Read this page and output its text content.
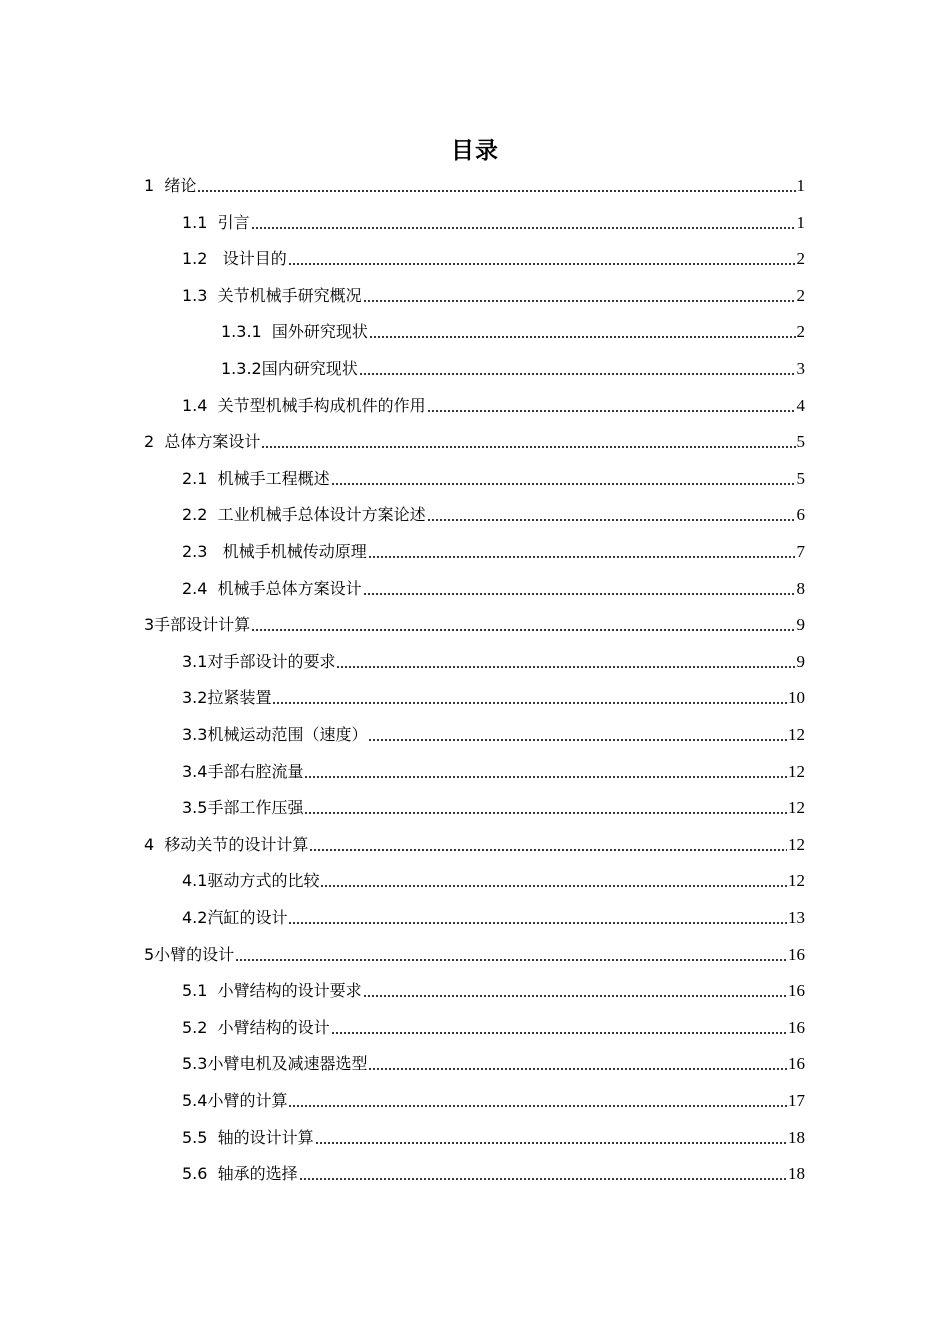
目录
1  绪论	1
1.1  引言	1
1.2   设计目的	2
1.3  关节机械手研究概况	2
1.3.1  国外研究现状	2
1.3.2国内研究现状	3
1.4  关节型机械手构成机件的作用	4
2  总体方案设计	5
2.1  机械手工程概述	5
2.2  工业机械手总体设计方案论述	6
2.3   机械手机械传动原理	7
2.4  机械手总体方案设计	8
3手部设计计算	9
3.1对手部设计的要求	9
3.2拉紧装置	10
3.3机械运动范围（速度）	12
3.4手部右腔流量	12
3.5手部工作压强	12
4  移动关节的设计计算	12
4.1驱动方式的比较	12
4.2汽缸的设计	13
5小臂的设计	16
5.1  小臂结构的设计要求	16
5.2  小臂结构的设计	16
5.3小臂电机及减速器选型	16
5.4小臂的计算	17
5.5  轴的设计计算	18
5.6  轴承的选择	18
